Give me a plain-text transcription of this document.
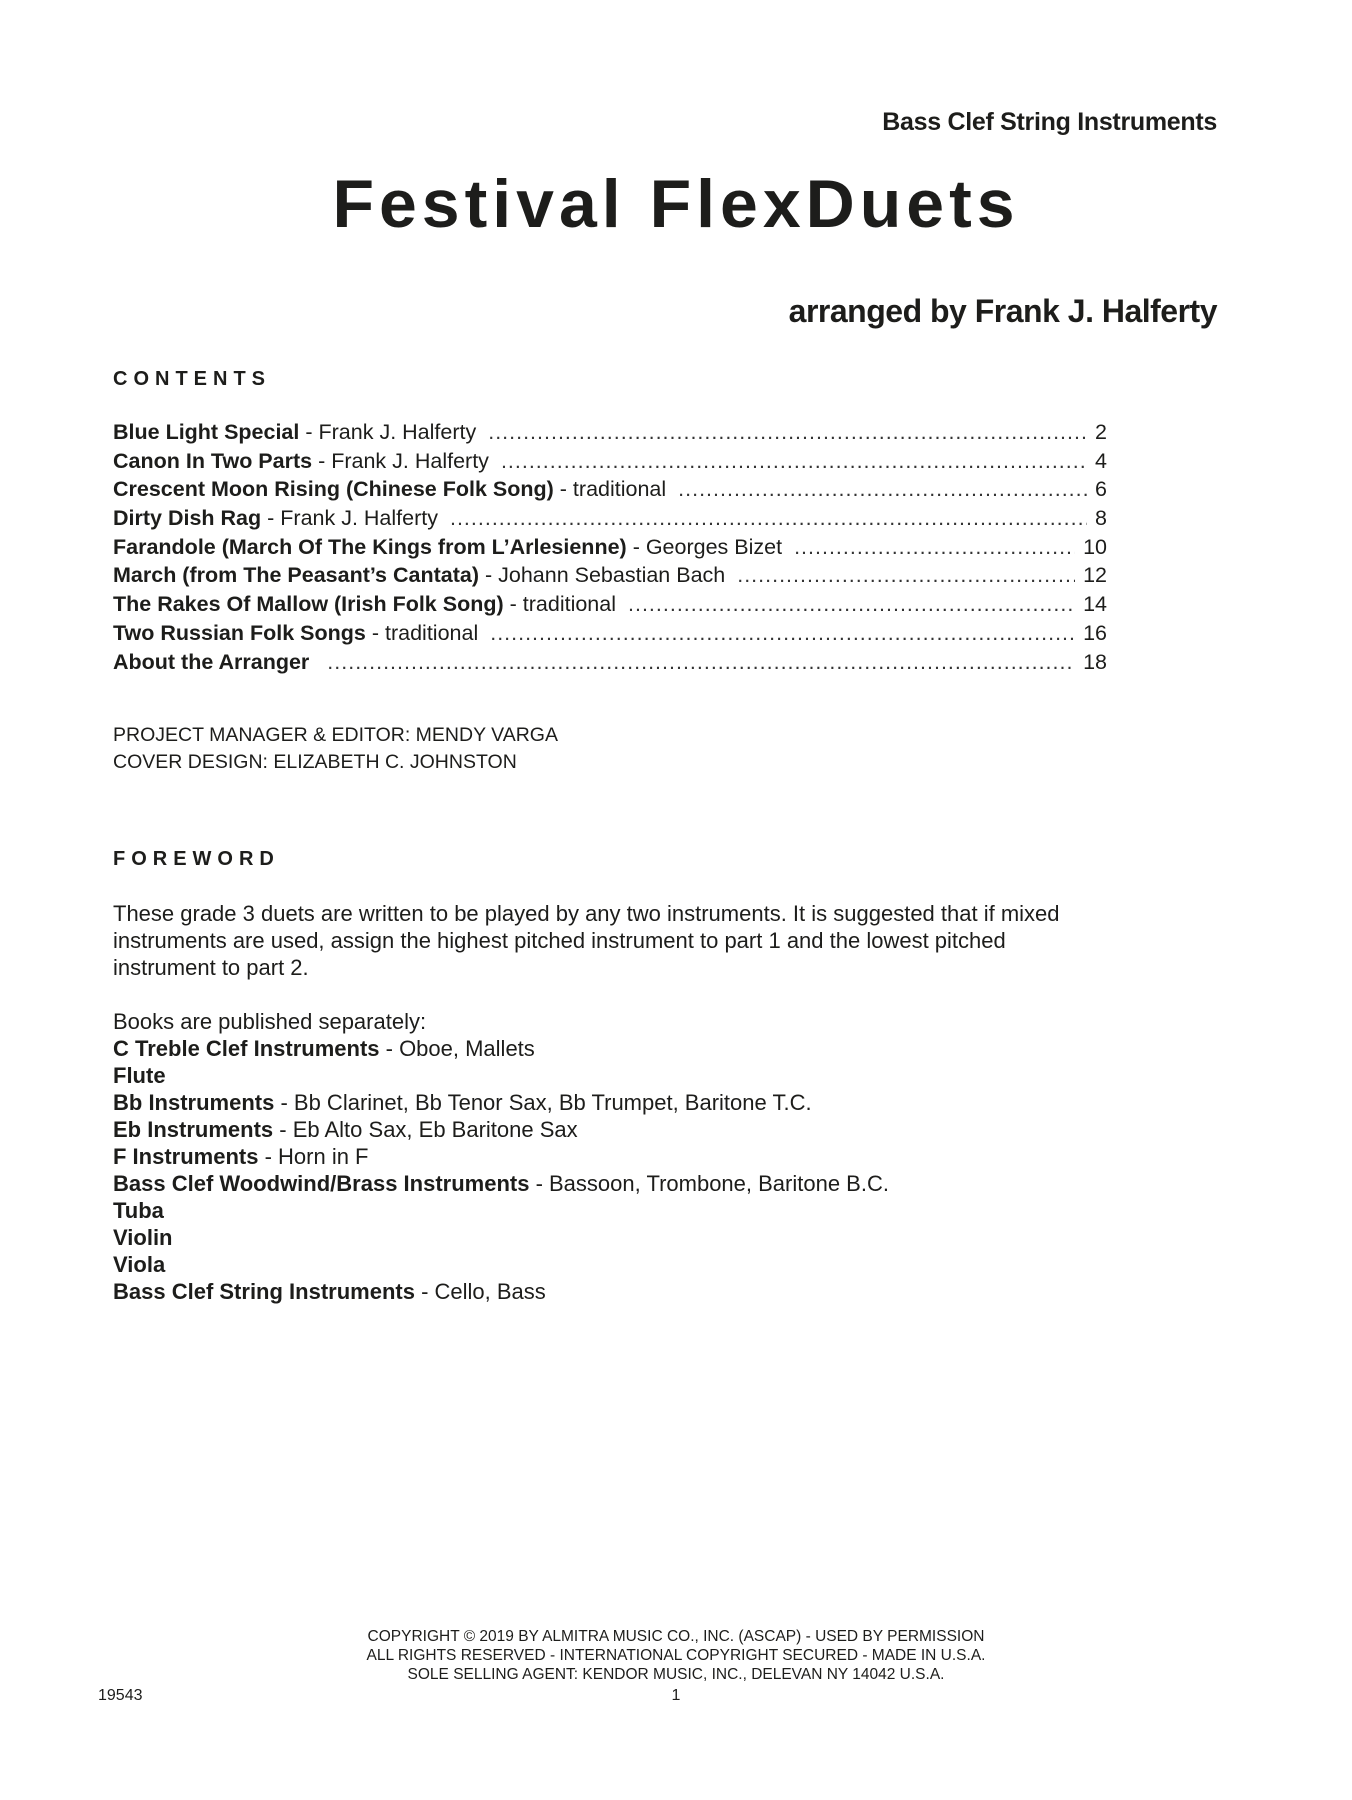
Bass Clef String Instruments
Festival FlexDuets
arranged by Frank J. Halferty
CONTENTS
Blue Light Special - Frank J. Halferty .....	2
Canon In Two Parts - Frank J. Halferty .....	4
Crescent Moon Rising (Chinese Folk Song) - traditional .....	6
Dirty Dish Rag - Frank J. Halferty .....	8
Farandole (March Of The Kings from L’Arlesienne) - Georges Bizet .....	10
March (from The Peasant’s Cantata) - Johann Sebastian Bach .....	12
The Rakes Of Mallow (Irish Folk Song) - traditional .....	14
Two Russian Folk Songs - traditional .....	16
About the Arranger .....	18
PROJECT MANAGER & EDITOR: MENDY VARGA
COVER DESIGN: ELIZABETH C. JOHNSTON
FOREWORD

These grade 3 duets are written to be played by any two instruments. It is suggested that if mixed instruments are used, assign the highest pitched instrument to part 1 and the lowest pitched instrument to part 2.

Books are published separately:
C Treble Clef Instruments - Oboe, Mallets
Flute
Bb Instruments - Bb Clarinet, Bb Tenor Sax, Bb Trumpet, Baritone T.C.
Eb Instruments - Eb Alto Sax, Eb Baritone Sax
F Instruments - Horn in F
Bass Clef Woodwind/Brass Instruments - Bassoon, Trombone, Baritone B.C.
Tuba
Violin
Viola
Bass Clef String Instruments - Cello, Bass
COPYRIGHT © 2019 BY ALMITRA MUSIC CO., INC. (ASCAP) - USED BY PERMISSION
ALL RIGHTS RESERVED - INTERNATIONAL COPYRIGHT SECURED - MADE IN U.S.A.
SOLE SELLING AGENT: KENDOR MUSIC, INC., DELEVAN NY 14042 U.S.A.
19543	1
